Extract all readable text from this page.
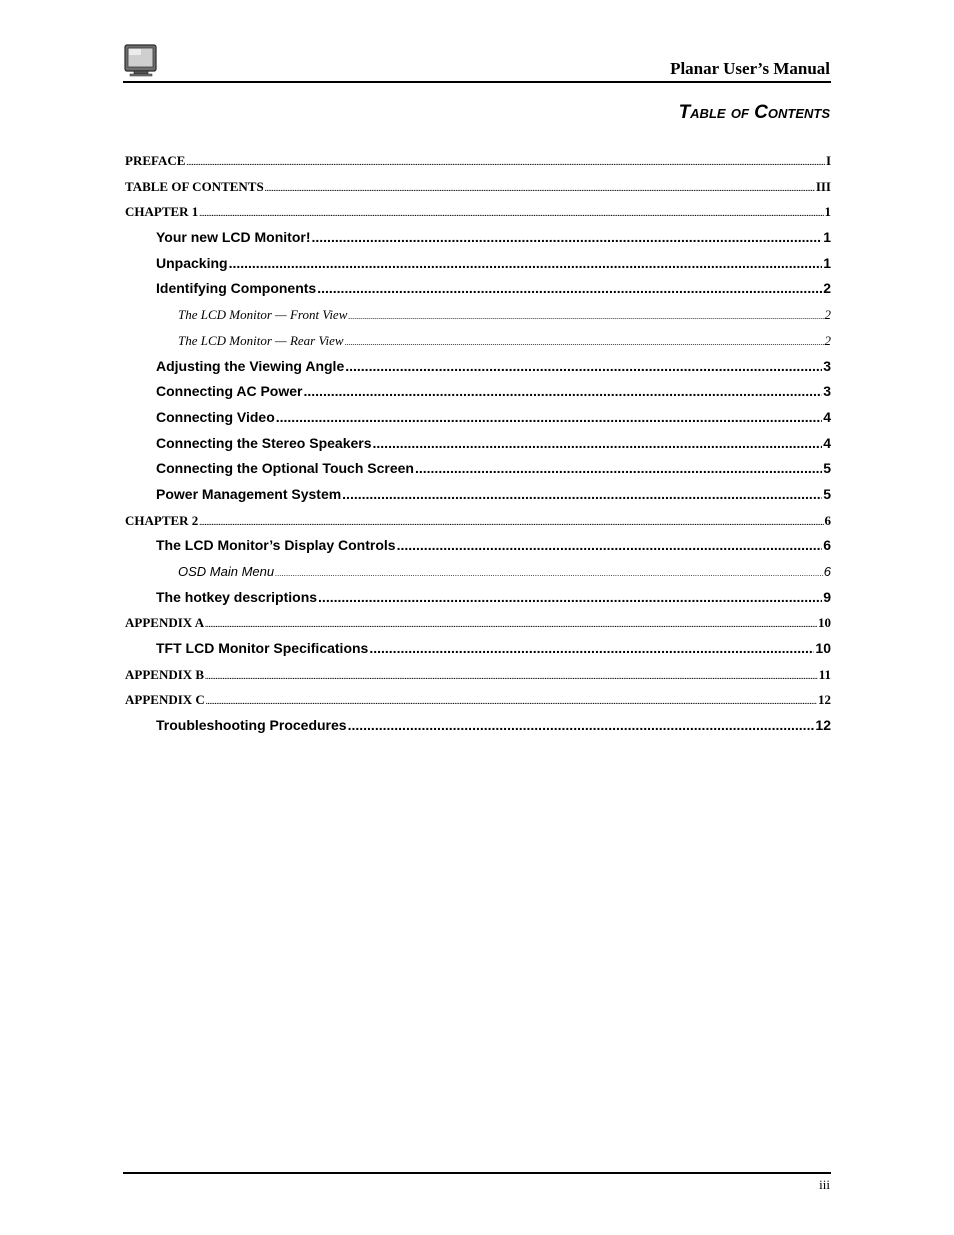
Planar User’s Manual
Table of Contents
PREFACE .....	I
TABLE OF CONTENTS .....	III
CHAPTER 1 .....	1
Your new LCD Monitor! .....	1
Unpacking .....	1
Identifying Components .....	2
The LCD Monitor — Front View .....	2
The LCD Monitor — Rear View .....	2
Adjusting the Viewing Angle .....	3
Connecting AC Power .....	3
Connecting Video .....	4
Connecting the Stereo Speakers .....	4
Connecting the Optional Touch Screen .....	5
Power Management System .....	5
CHAPTER 2 .....	6
The LCD Monitor’s Display Controls .....	6
OSD Main Menu .....	6
The hotkey descriptions .....	9
APPENDIX A .....	10
TFT LCD Monitor Specifications .....	10
APPENDIX B .....	11
APPENDIX C .....	12
Troubleshooting Procedures .....	12
iii
